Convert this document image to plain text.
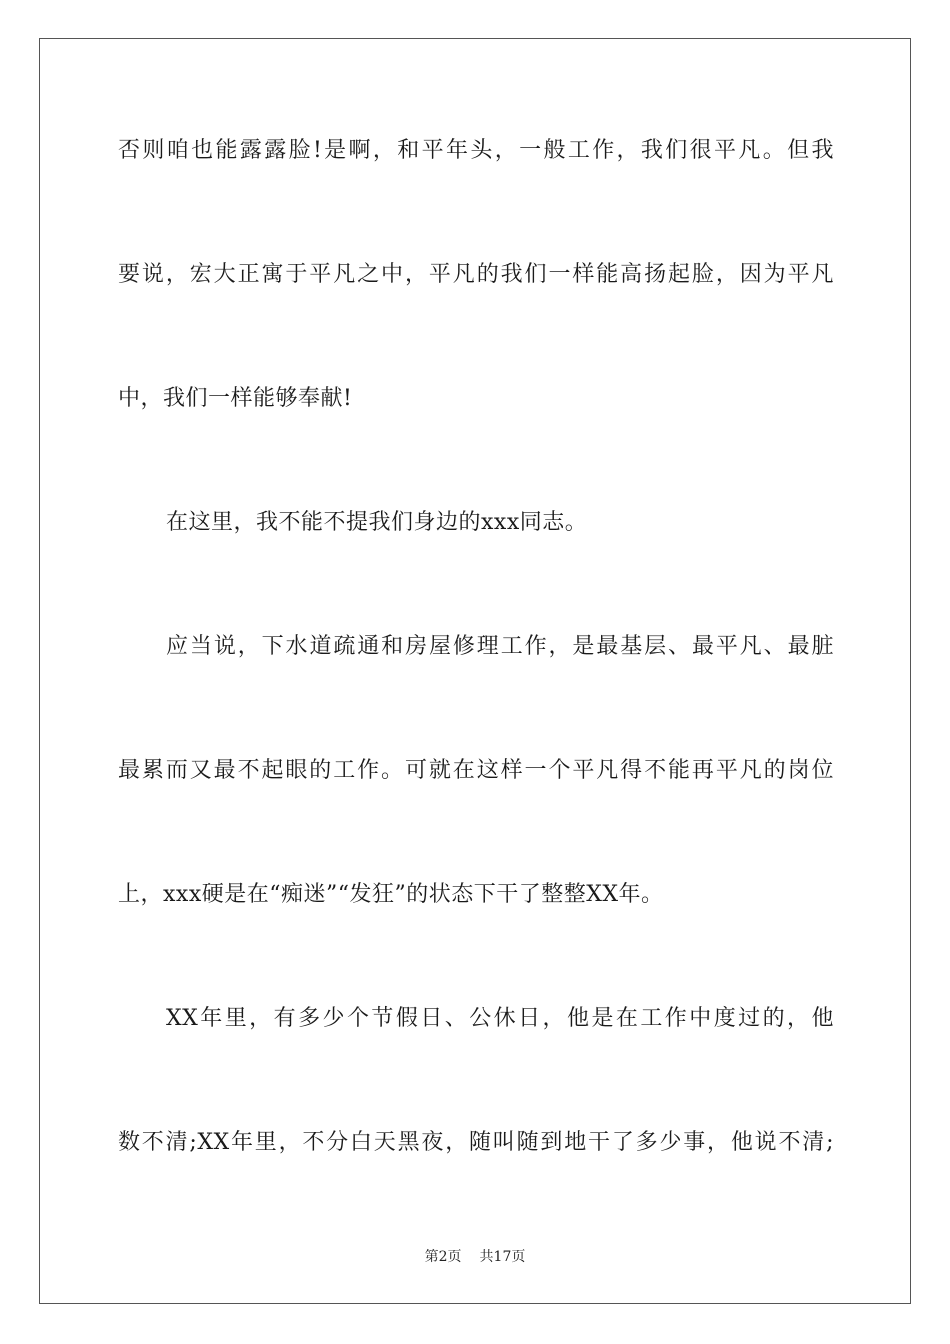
否则咱也能露露脸!是啊，和平年头，一般工作，我们很平凡。但我
要说，宏大正寓于平凡之中，平凡的我们一样能高扬起脸，因为平凡
中，我们一样能够奉献!
在这里，我不能不提我们身边的xxx同志。
应当说，下水道疏通和房屋修理工作，是最基层、最平凡、最脏
最累而又最不起眼的工作。可就在这样一个平凡得不能再平凡的岗位
上，xxx硬是在“痴迷”“发狂”的状态下干了整整XX年。
XX年里，有多少个节假日、公休日，他是在工作中度过的，他
数不清;XX年里，不分白天黑夜，随叫随到地干了多少事，他说不清;
第2页 共17页
